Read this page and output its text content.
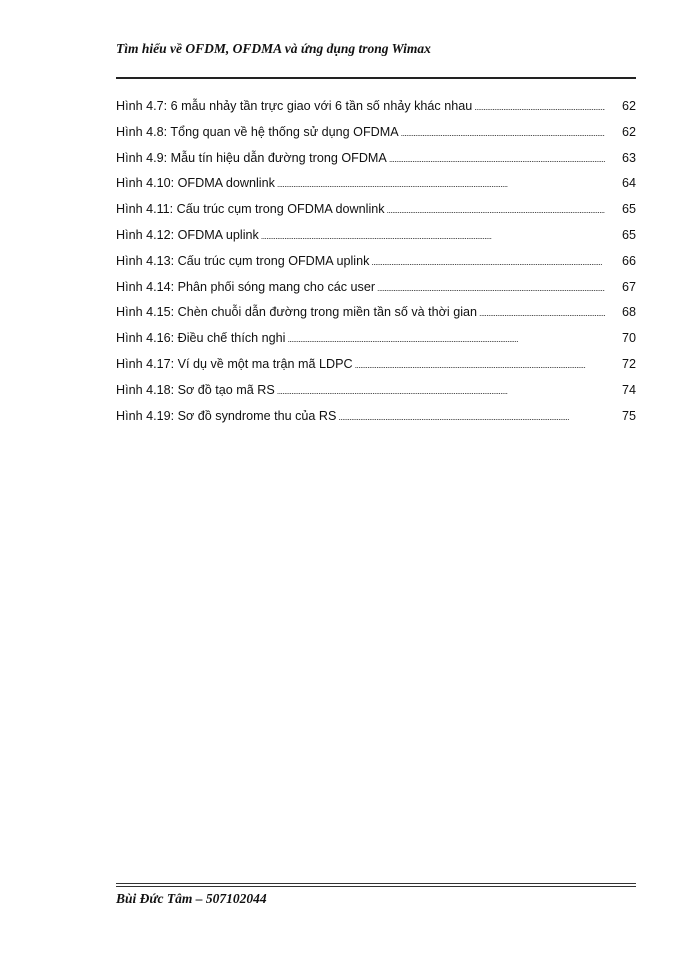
Tìm hiểu về OFDM, OFDMA và ứng dụng trong Wimax
Hình 4.7: 6 mẫu nhảy tần trực giao với 6 tần số nhảy khác nhau . . .	62
Hình 4.8: Tổng quan về hệ thống sử dụng OFDMA . . .	62
Hình 4.9: Mẫu tín hiệu dẫn đường trong OFDMA . . .	63
Hình 4.10: OFDMA downlink . . .	64
Hình 4.11: Cấu trúc cụm trong OFDMA downlink . . .	65
Hình 4.12: OFDMA uplink . . .	65
Hình 4.13: Cấu trúc cụm trong OFDMA uplink . . .	66
Hình 4.14: Phân phối sóng mang cho các user . . .	67
Hình 4.15: Chèn chuỗi dẫn đường trong miền tần số và thời gian . . .	68
Hình 4.16: Điều chế thích nghi . . .	70
Hình 4.17: Ví dụ về một ma trận mã LDPC . . .	72
Hình 4.18: Sơ đồ tạo mã RS . . .	74
Hình 4.19: Sơ đồ syndrome thu của RS . . .	75
Bùi Đức Tâm – 507102044
